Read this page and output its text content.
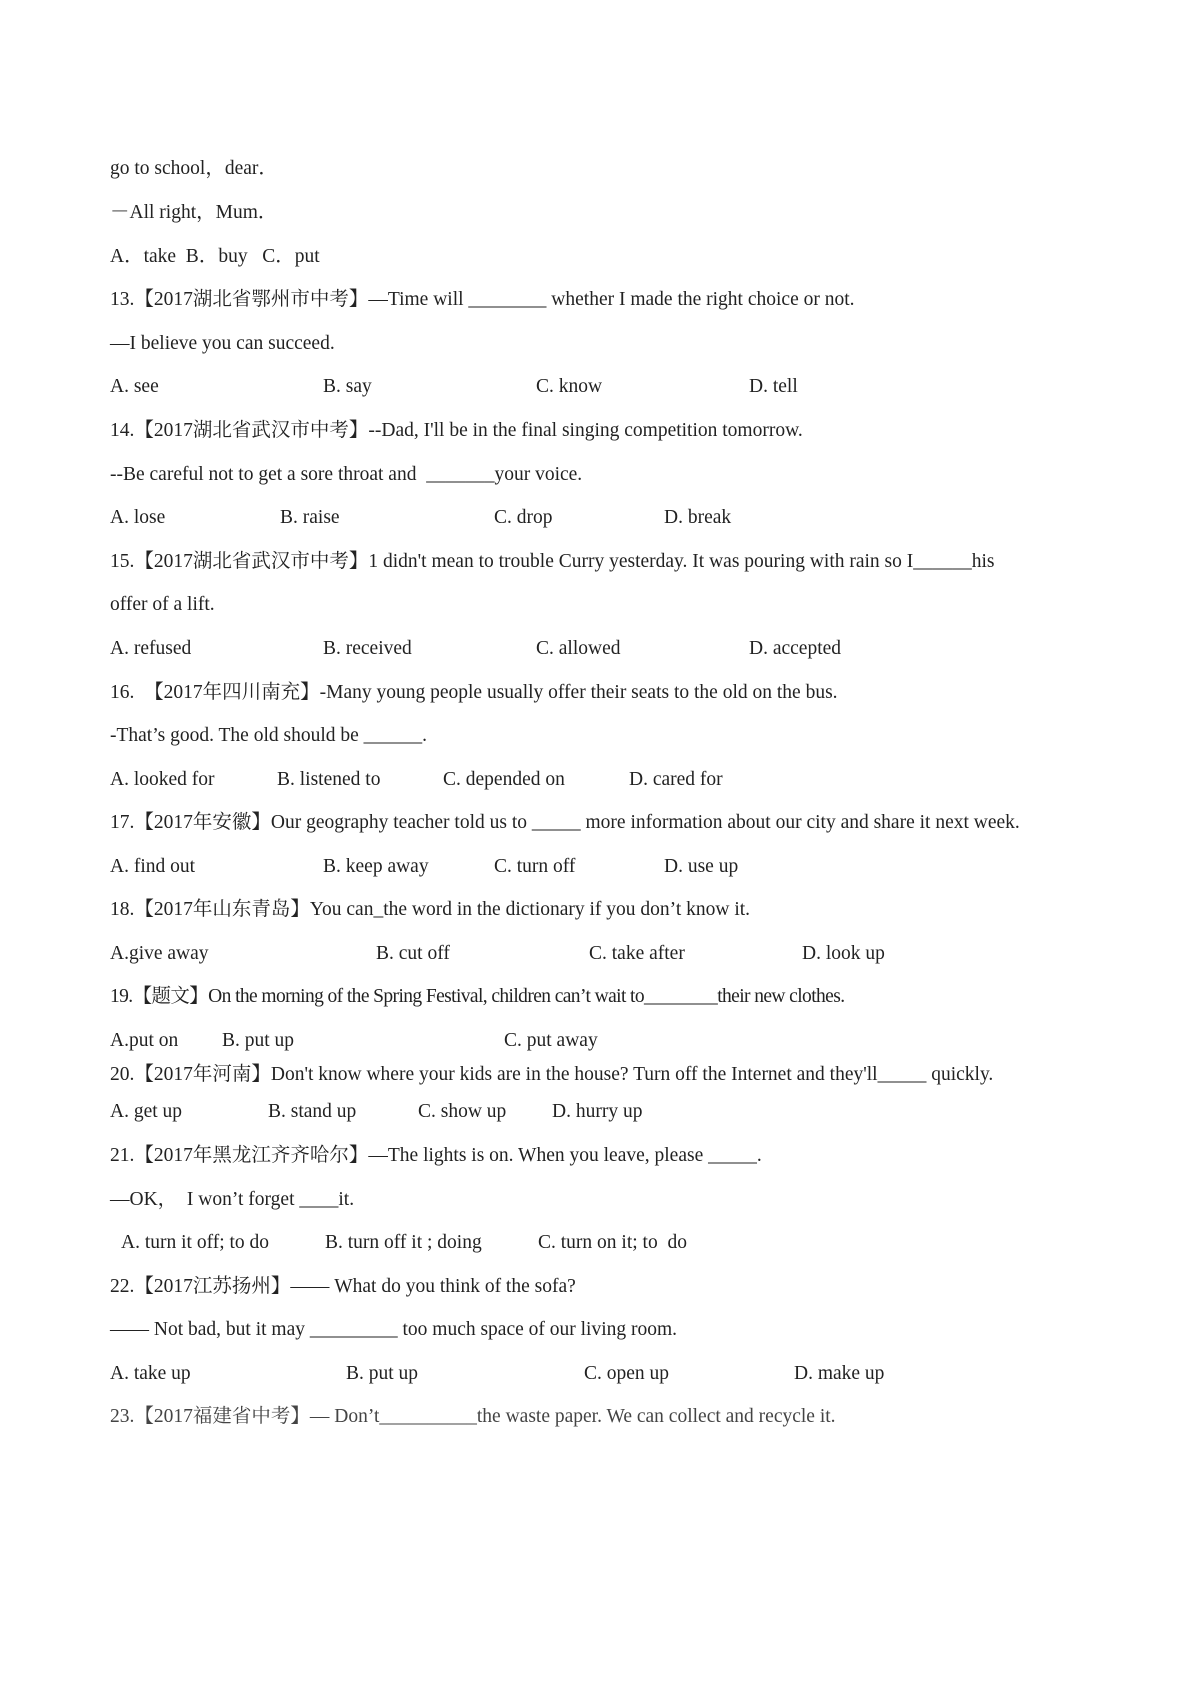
go to school，dear．
－All right，Mum．
A．take  B．buy   C．put
13.【2017湖北省鄂州市中考】—Time will ________ whether I made the right choice or not.
—I believe you can succeed.
A. see	B. say	C. know	D. tell
14.【2017湖北省武汉市中考】--Dad, I'll be in the final singing competition tomorrow.
--Be careful not to get a sore throat and  _______your voice.
A. lose	B. raise	C. drop	D. break
15.【2017湖北省武汉市中考】1 didn't mean to trouble Curry yesterday. It was pouring with rain so I______his
offer of a lift.
A. refused	B. received	C. allowed	D. accepted
16.  【2017年四川南充】-Many young people usually offer their seats to the old on the bus.
-That’s good. The old should be ______.
A. looked for	B. listened to	C. depended on	D. cared for
17.【2017年安徽】Our geography teacher told us to _____ more information about our city and share it next week.
A. find out	B. keep away	C. turn off	D. use up
18.【2017年山东青岛】You can_the word in the dictionary if you don’t know it.
A.give away	B. cut off	C. take after	D. look up
19.【题文】On the morning of the Spring Festival, children can’t wait to________their new clothes.
A.put on B. put up	C. put away
20.【2017年河南】Don't know where your kids are in the house? Turn off the Internet and they'll_____ quickly.
A. get up	B. stand up	C. show up D. hurry up
21.【2017年黑龙江齐齐哈尔】—The lights is on. When you leave, please _____.
—OK，  I won’t forget ____it.
A. turn it off; to do	B. turn off it ; doing	C. turn on it; to  do
22.【2017江苏扬州】—— What do you think of the sofa?
—— Not bad, but it may _________ too much space of our living room.
A. take up	B. put up	C. open up	D. make up
23.【2017福建省中考】— Don’t__________the waste paper. We can collect and recycle it.
